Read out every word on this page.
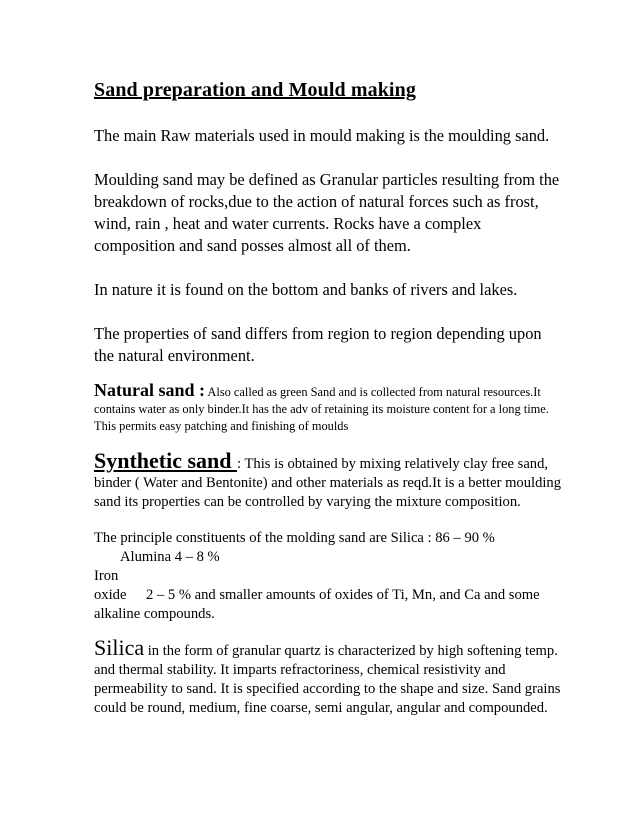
Sand preparation and Mould making

The main Raw materials used in mould making is the moulding sand.

Moulding sand may be defined as Granular particles resulting from the breakdown of rocks,due to the action of natural forces such as frost, wind, rain , heat and water currents. Rocks have a complex composition and sand posses almost all of them.

In nature it is found on the bottom and banks of rivers and lakes.

The properties of sand differs from region to region depending upon the natural environment.

Natural sand : Also called as green Sand and is collected from natural resources.It contains water as only binder.It has the adv of retaining its moisture content for a long time. This permits easy patching and finishing of moulds

Synthetic sand : This is obtained by mixing relatively clay free sand, binder ( Water and Bentonite) and other materials as reqd.It is a better moulding sand its properties can be controlled by varying the mixture composition.

The principle constituents of the molding sand are Silica : 86 – 90 %

Alumina 4 – 8 %

Iron oxide 2 – 5 % and smaller amounts of oxides of Ti, Mn, and Ca and some alkaline compounds.

Silica in the form of granular quartz is characterized by high softening temp. and thermal stability. It imparts refractoriness, chemical resistivity and permeability to sand. It is specified according to the shape and size. Sand grains could be round, medium, fine coarse, semi angular, angular and compounded.
